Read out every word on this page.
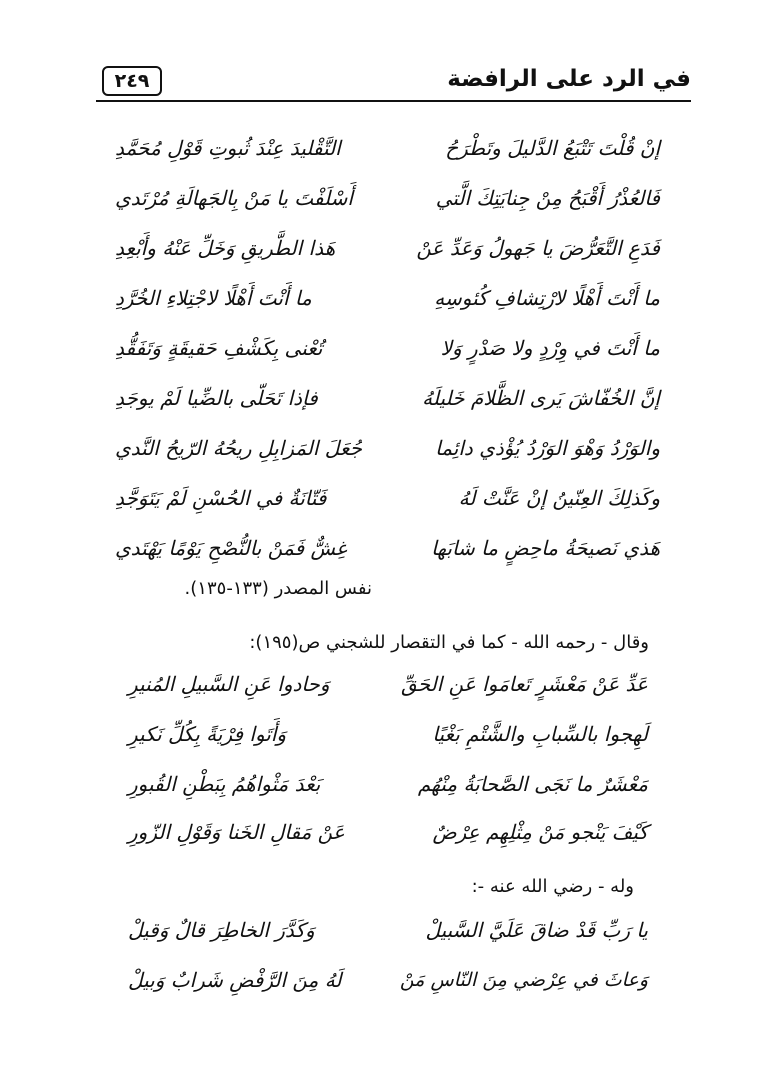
في الرد على الرافضة
٢٤٩
إنْ قُلْتَ تَتْبَعُ الدَّليلَ وتَطْرَحُ
التَّقْليدَ عِنْدَ ثُبوتِ قَوْلِ مُحَمَّدِ
فَالعُذْرُ أَقْبَحُ مِنْ جِنايَتِكَ الَّتي
أَسْلَفْتَ يا مَنْ بِالجَهالَةِ مُرْتَدي
فَدَعِ التَّعَرُّضَ يا جَهولُ وَعَدِّ عَنْ
هَذا الطَّريقِ وَخَلِّ عَنْهُ وأَبْعِدِ
ما أَنْتَ أَهْلًا لارْتِشافِ كُئوسِهِ
ما أَنْتَ أَهْلًا لاجْتِلاءِ الخُرَّدِ
ما أَنْتَ في وِرْدٍ ولا صَدْرٍ وَلا
تُعْنى بِكَشْفِ حَقيقَةٍ وَتَفَقُّدِ
إنَّ الخُفّاشَ يَرى الظَّلامَ خَليلَهُ
فإذا تَحَلّى بالضِّيا لَمْ يوجَدِ
والوَرْدُ وَهْوَ الوَرْدُ يُؤْذي دائِما
جُعَلَ المَزابِلِ ريحُهُ الرّيحُ النَّدي
وكَذلِكَ العِنّينُ إنْ عَنَّتْ لَهُ
فَتّانَةٌ في الحُسْنِ لَمْ يَتَوَجَّدِ
هَذي نَصيحَةُ ماحِضٍ ما شابَها
غِشٌّ فَمَنْ بالنُّصْحِ يَوْمًا يَهْتَدي
نفس المصدر (١٣٣-١٣٥).
وقال - رحمه الله - كما في التقصار للشجني ص(١٩٥):
عَدِّ عَنْ مَعْشَرٍ تَعامَوا عَنِ الحَقِّ
وَحادوا عَنِ السَّبيلِ المُنيرِ
لَهِجوا بالسِّبابِ والشَّتْمِ بَغْيًا
وَأَتَوا فِرْيَةً بِكُلِّ نَكيرِ
مَعْشَرٌ ما نَجَى الصَّحابَةُ مِنْهُم
بَعْدَ مَثْواهُمُ بِبَطْنِ القُبورِ
كَيْفَ يَنْجو مَنْ مِثْلِهِم عِرْضٌ
عَنْ مَقالِ الخَنا وَقَوْلِ الزّورِ
وله - رضي الله عنه -:
يا رَبِّ قَدْ ضاقَ عَلَيَّ السَّبيلْ
وَكَدَّرَ الخاطِرَ قالٌ وَقيلْ
وَعاثَ في عِرْضي مِنَ النّاسِ مَنْ
لَهُ مِنَ الرَّفْضِ شَرابٌ وَبيلْ
